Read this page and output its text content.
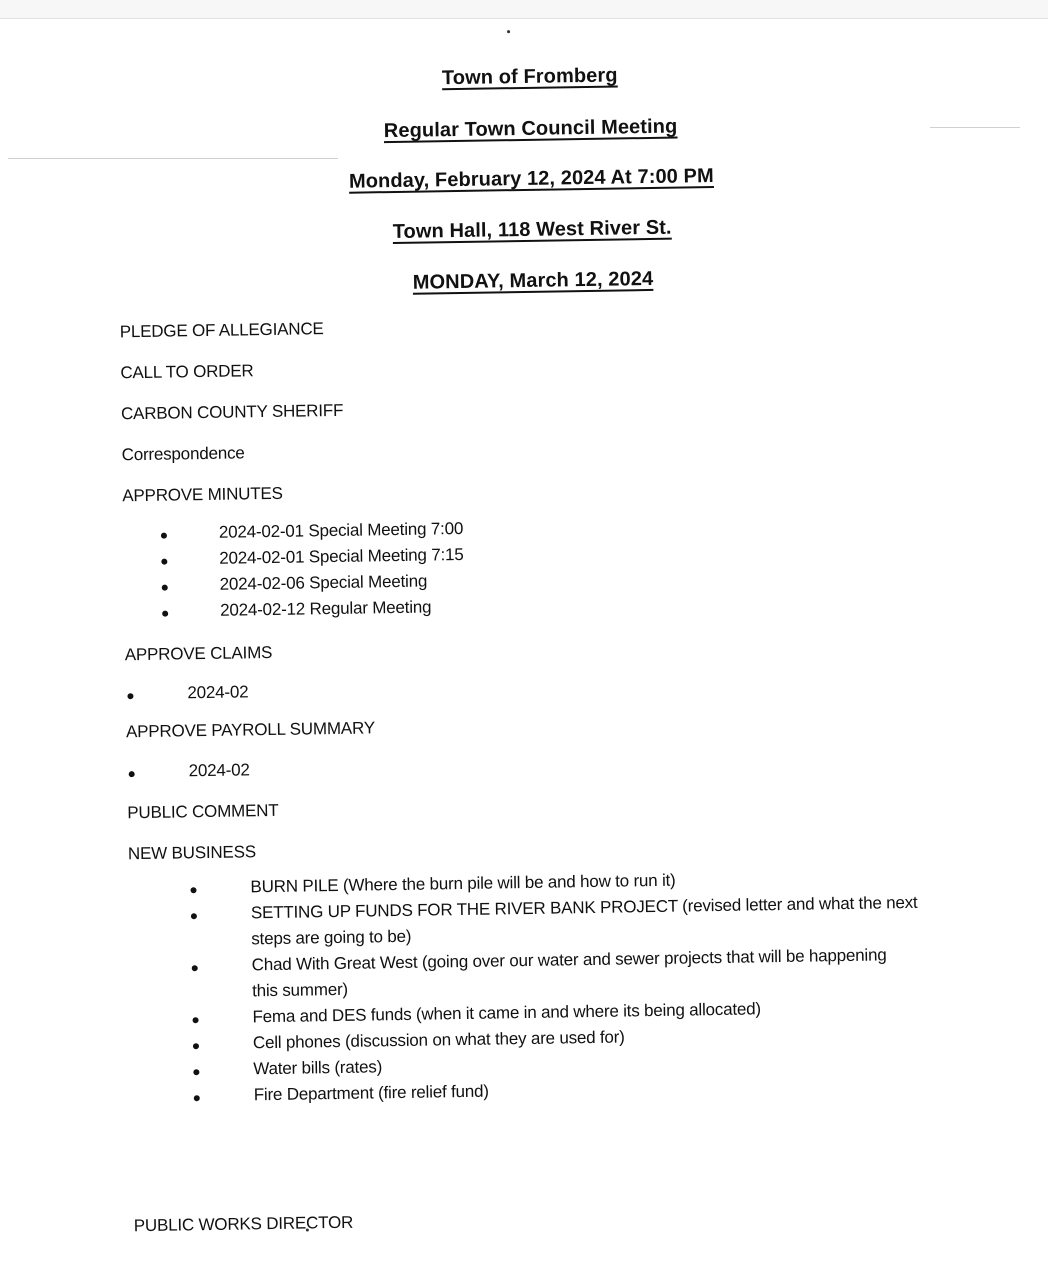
Town of Fromberg
Regular Town Council Meeting
Monday, February 12, 2024 At 7:00 PM
Town Hall, 118 West River St.
MONDAY, March 12, 2024
PLEDGE OF ALLEGIANCE
CALL TO ORDER
CARBON COUNTY SHERIFF
Correspondence
APPROVE MINUTES
2024-02-01 Special Meeting 7:00
2024-02-01 Special Meeting 7:15
2024-02-06 Special Meeting
2024-02-12 Regular Meeting
APPROVE CLAIMS
2024-02
APPROVE PAYROLL SUMMARY
2024-02
PUBLIC COMMENT
NEW BUSINESS
BURN PILE (Where the burn pile will be and how to run it)
SETTING UP FUNDS FOR THE RIVER BANK PROJECT (revised letter and what the next
steps are going to be)
Chad With Great West (going over our water and sewer projects that will be happening
this summer)
Fema and DES funds (when it came in and where its being allocated)
Cell phones (discussion on what they are used for)
Water bills (rates)
Fire Department (fire relief fund)
PUBLIC WORKS DIRECTOR
